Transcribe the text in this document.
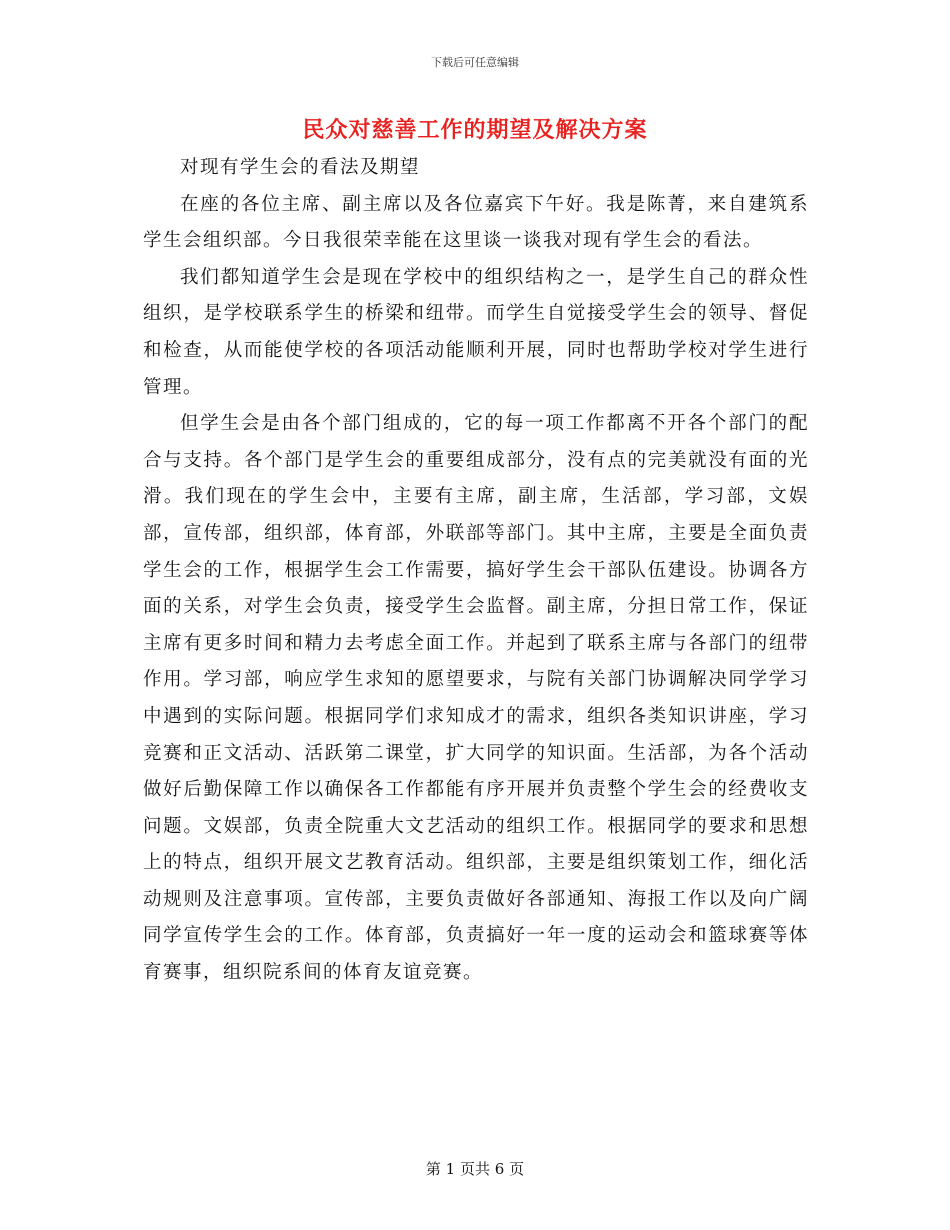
下载后可任意编辑
民众对慈善工作的期望及解决方案

对现有学生会的看法及期望

在座的各位主席、副主席以及各位嘉宾下午好。我是陈菁，来自建筑系学生会组织部。今日我很荣幸能在这里谈一谈我对现有学生会的看法。

我们都知道学生会是现在学校中的组织结构之一，是学生自己的群众性组织，是学校联系学生的桥梁和纽带。而学生自觉接受学生会的领导、督促和检查，从而能使学校的各项活动能顺利开展，同时也帮助学校对学生进行管理。

但学生会是由各个部门组成的，它的每一项工作都离不开各个部门的配合与支持。各个部门是学生会的重要组成部分，没有点的完美就没有面的光滑。我们现在的学生会中，主要有主席，副主席，生活部，学习部，文娱部，宣传部，组织部，体育部，外联部等部门。其中主席，主要是全面负责学生会的工作，根据学生会工作需要，搞好学生会干部队伍建设。协调各方面的关系，对学生会负责，接受学生会监督。副主席，分担日常工作，保证主席有更多时间和精力去考虑全面工作。并起到了联系主席与各部门的纽带作用。学习部，响应学生求知的愿望要求，与院有关部门协调解决同学学习中遇到的实际问题。根据同学们求知成才的需求，组织各类知识讲座，学习竞赛和正文活动、活跃第二课堂，扩大同学的知识面。生活部，为各个活动做好后勤保障工作以确保各工作都能有序开展并负责整个学生会的经费收支问题。文娱部，负责全院重大文艺活动的组织工作。根据同学的要求和思想上的特点，组织开展文艺教育活动。组织部，主要是组织策划工作，细化活动规则及注意事项。宣传部，主要负责做好各部通知、海报工作以及向广阔同学宣传学生会的工作。体育部，负责搞好一年一度的运动会和篮球赛等体育赛事，组织院系间的体育友谊竞赛。

第 1 页共 6 页
